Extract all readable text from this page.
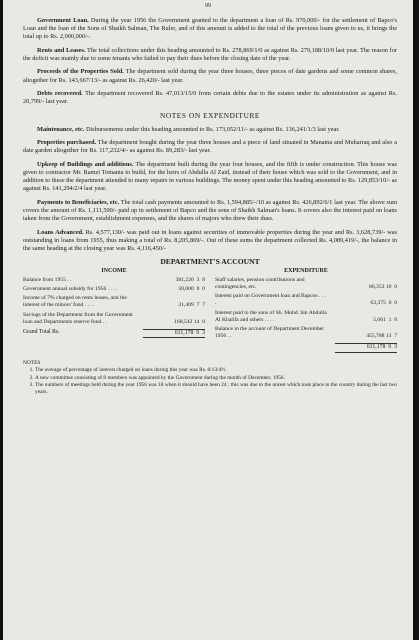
99

Government Loan. During the year 1956 the Government granted to the department a loan of Rs. 970,000/- for the settlement of Bapco's Loan and the loan of the Sons of Shaikh Salman, The Ruler, and of this amount is added to the total of the previous loans given to us, it brings the total up to Rs. 2,000,000/-.

Rents and Leases. The total collections under this heading amounted to Rs. 278,869/1/0 as against Rs. 279,188/10/0 last year. The reason for the deficit was mainly due to some tenants who failed to pay their dues before the closing date of the year.

Proceeds of the Properties Sold. The department sold during the year three houses, three pieces of date gardens and some common shares, altogether for Rs. 143,667/13/- as against Rs. 26,420/- last year.

Debts recovered. The department recovered Rs. 47,013/15/0 from certain debts due to the estates under its administration as against Rs. 20,799/- last year.

NOTES ON EXPENDITURE

Maintenance, etc. Disbursements under this heading amounted to Rs. 173,052/11/- as against Rs. 136,241/1/3 last year.

Properties purchased. The department bought during the year three houses and a piece of land situated in Manama and Muharraq and also a date garden altogether for Rs. 117,232/4/- as against Rs. 89,283/- last year.

Upkeep of Buildings and additions. The department built during the year four houses, and the fifth is under construction. This house was given to contractor Mr. Ramzi Tomania to build, for the heirs of Abdulla Al Zaid, instead of their house which was sold to the Government, and in addition to these the department attended to many repairs in various buildings. The money spent under this heading amounted to Rs. 129,853/10/- as against Rs. 141,294/2/4 last year.

Payments to Beneficiaries, etc. The total cash payments amounted to Rs. 1,594,885/-/10 as against Rs. 426,892/6/1 last year. The above sum covers the amount of Rs. 1,111,590/- paid up in settlement of Bapco and the sons of Shaikh Salman's loans. It covers also the interest paid on loans taken from the Government, establishment expenses, and the shares of majors who drew their dues.

Loans Advanced. Rs. 4,577,130/- was paid out in loans against securities of immovable properties during the year and Rs. 3,628,739/- was outstanding in loans from 1955, thus making a total of Rs. 8,205,869/-. Out of these sums the department collected Rs. 4,089,419/-, the balance in the same heading at the closing year was Rs. 4,116,450/-

DEPARTMENT'S ACCOUNT
INCOME
Balance from 1955 . .	381,226  3  8
Government annual subsidy for 1956 . . . .	30,000  0  0
Income of 7% charged on rents leases, and the interest of the minors' fund . . . .	31,409  7  7
Savings of the Department from the Government loan and Departments reserve fund . .	168,542 14  0
Grand Total Rs.	611,178  9  3
EXPENDITURE
Staff salaries, pension contributions and contingencies, etc.	86,353 10  0
Interest paid on Government loan and Bapcos . . . .	63,375  0  0
Interest paid to the sons of Sh. Mohd. bin Abdulla Al Khalifa and others . . . .	5,661  1  8
Balance in the account of Department December 1956 . .	455,788 13  7
611,178  9  3
NOTES
1. The average of percentage of interest charged on loans during this year was Rs. 6/13/4½.
2. A new committee consisting of 8 members was appointed by the Government during the month of December, 1956.
3. The numbers of meetings held during the year 1956 was 18 when it should have been 24 ; this was due to the unrest which took place in the country during the last two years.
